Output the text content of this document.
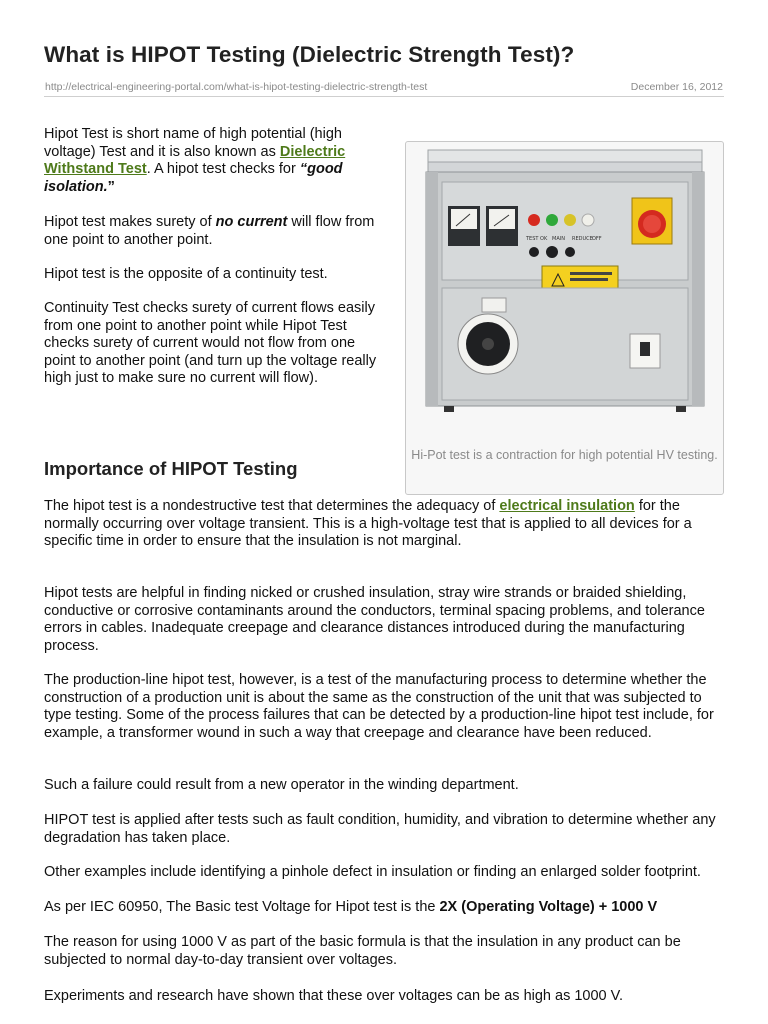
What is HIPOT Testing (Dielectric Strength Test)?
http://electrical-engineering-portal.com/what-is-hipot-testing-dielectric-strength-test	December 16, 2012

Hipot Test is short name of high potential (high voltage) Test and it is also known as Dielectric Withstand Test. A hipot test checks for “good isolation.”

Hipot test makes surety of no current will flow from one point to another point.

Hipot test is the opposite of a continuity test.

Continuity Test checks surety of current flows easily from one point to another point while Hipot Test checks surety of current would not flow from one point to another point (and turn up the voltage really high just to make sure no current will flow).

TEST OK MAIN REDUCE OFF
Hi-Pot test is a contraction for high potential HV testing.
Importance of HIPOT Testing

The hipot test is a nondestructive test that determines the adequacy of electrical insulation for the normally occurring over voltage transient. This is a high-voltage test that is applied to all devices for a specific time in order to ensure that the insulation is not marginal.

Hipot tests are helpful in finding nicked or crushed insulation, stray wire strands or braided shielding, conductive or corrosive contaminants around the conductors, terminal spacing problems, and tolerance errors in cables. Inadequate creepage and clearance distances introduced during the manufacturing process.

The production-line hipot test, however, is a test of the manufacturing process to determine whether the construction of a production unit is about the same as the construction of the unit that was subjected to type testing. Some of the process failures that can be detected by a production-line hipot test include, for example, a transformer wound in such a way that creepage and clearance have been reduced.

Such a failure could result from a new operator in the winding department.

HIPOT test is applied after tests such as fault condition, humidity, and vibration to determine whether any degradation has taken place.

Other examples include identifying a pinhole defect in insulation or finding an enlarged solder footprint.

As per IEC 60950, The Basic test Voltage for Hipot test is the 2X (Operating Voltage) + 1000 V

The reason for using 1000 V as part of the basic formula is that the insulation in any product can be subjected to normal day-to-day transient over voltages.

Experiments and research have shown that these over voltages can be as high as 1000 V.
